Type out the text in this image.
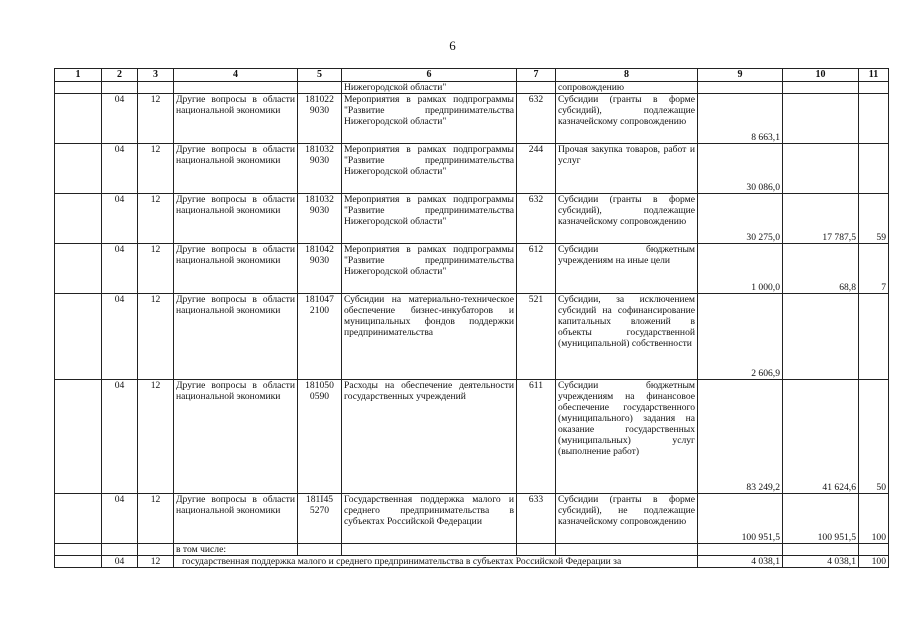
6
1	2	3	4	5	6	7	8	9	10	11
					Нижегородской области"		сопровождению			
	04	12	Другие вопросы в области национальной экономики	181022 9030	Мероприятия в рамках подпрограммы "Развитие предпринимательства Нижегородской области"	632	Субсидии (гранты в форме субсидий), подлежащие казначейскому сопровождению	8 663,1		
	04	12	Другие вопросы в области национальной экономики	181032 9030	Мероприятия в рамках подпрограммы "Развитие предпринимательства Нижегородской области"	244	Прочая закупка товаров, работ и услуг	30 086,0		
	04	12	Другие вопросы в области национальной экономики	181032 9030	Мероприятия в рамках подпрограммы "Развитие предпринимательства Нижегородской области"	632	Субсидии (гранты в форме субсидий), подлежащие казначейскому сопровождению	30 275,0	17 787,5	59
	04	12	Другие вопросы в области национальной экономики	181042 9030	Мероприятия в рамках подпрограммы "Развитие предпринимательства Нижегородской области"	612	Субсидии бюджетным учреждениям на иные цели	1 000,0	68,8	7
	04	12	Другие вопросы в области национальной экономики	181047 2100	Субсидии на материально-техническое обеспечение бизнес-инкубаторов и муниципальных фондов поддержки предпринимательства	521	Субсидии, за исключением субсидий на софинансирование капитальных вложений в объекты государственной (муниципальной) собственности	2 606,9		
	04	12	Другие вопросы в области национальной экономики	181050 0590	Расходы на обеспечение деятельности государственных учреждений	611	Субсидии бюджетным учреждениям на финансовое обеспечение государственного (муниципального) задания на оказание государственных (муниципальных) услуг (выполнение работ)	83 249,2	41 624,6	50
	04	12	Другие вопросы в области национальной экономики	181I45 5270	Государственная поддержка малого и среднего предпринимательства в субъектах Российской Федерации	633	Субсидии (гранты в форме субсидий), не подлежащие казначейскому сопровождению	100 951,5	100 951,5	100
			в том числе:							
	04	12	государственная поддержка малого и среднего предпринимательства в субъектах Российской Федерации за					4 038,1	4 038,1	100
